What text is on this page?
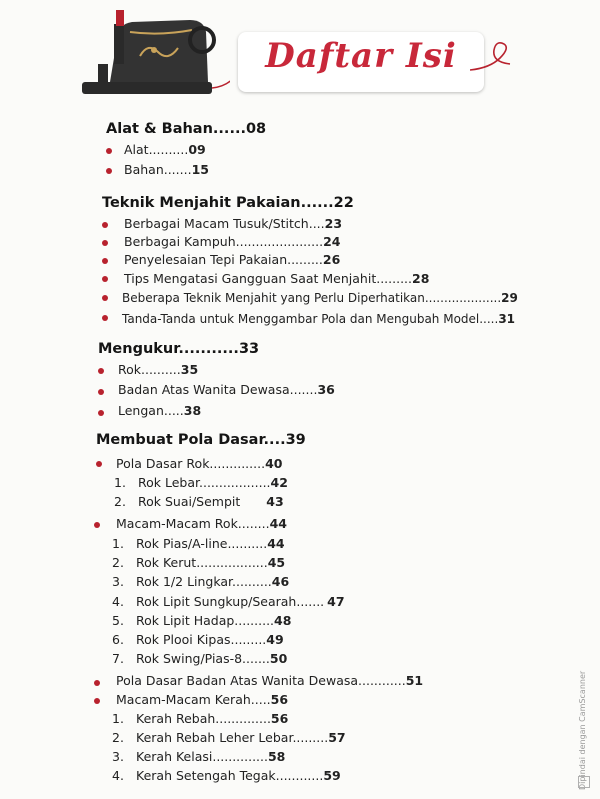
Daftar Isi
Alat & Bahan......08
Alat..........09
Bahan.......15
Teknik Menjahit Pakaian......22
Berbagai Macam Tusuk/Stitch....23
Berbagai Kampuh......................24
Penyelesaian Tepi Pakaian.........26
Tips Mengatasi Gangguan Saat Menjahit.........28
Beberapa Teknik Menjahit yang Perlu Diperhatikan....................29
Tanda-Tanda untuk Menggambar Pola dan Mengubah Model.....31
Mengukur...........33
Rok..........35
Badan Atas Wanita Dewasa.......36
Lengan.....38
Membuat Pola Dasar....39
Pola Dasar Rok..............40
1. Rok Lebar..................42
2. Rok Suai/Sempit 43
Macam-Macam Rok........44
1. Rok Pias/A-line..........44
2. Rok Kerut..................45
3. Rok 1/2 Lingkar..........46
4. Rok Lipit Sungkup/Searah....... 47
5. Rok Lipit Hadap..........48
6. Rok Plooi Kipas.........49
7. Rok Swing/Pias-8.......50
Pola Dasar Badan Atas Wanita Dewasa............51
Macam-Macam Kerah.....56
1. Kerah Rebah..............56
2. Kerah Rebah Leher Lebar.........57
3. Kerah Kelasi..............58
4. Kerah Setengah Tegak............59	Dipindai dengan CamScanner
